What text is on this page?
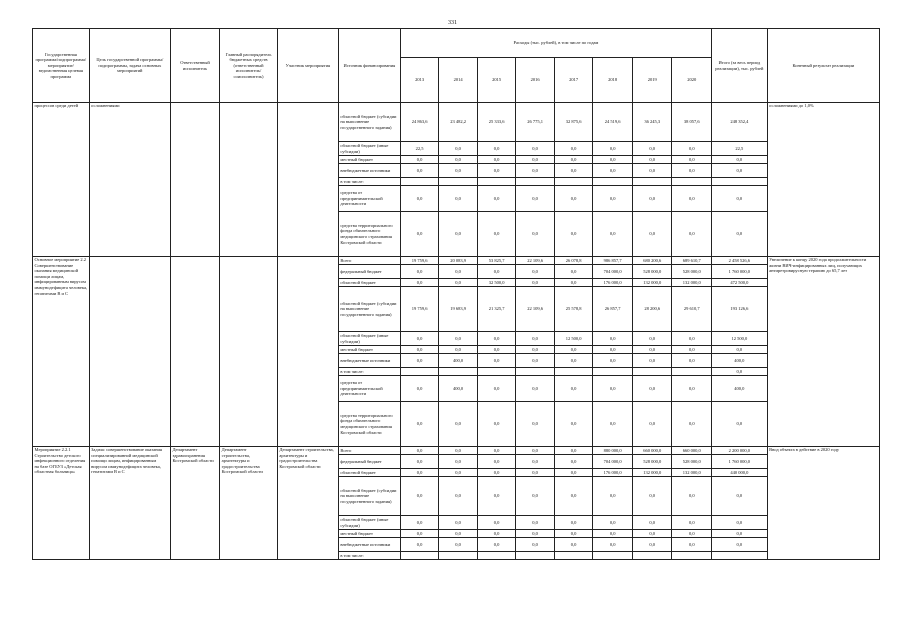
331
Государственная программа/подпрограмма/мероприятие/ведомственная целевая программа	Цель государственной программы/подпрограммы, задача основных мероприятий	Ответственный исполнитель	Главный распорядитель бюджетных средств (ответственный исполнитель/соисполнитель)	Участник мероприятия	Источник финансирования	Расходы (тыс. рублей), в том числе по годам								Итого (за весь период реализации), тыс. рублей	Конечный результат реализации
						2013	2014	2015	2016	2017	2018	2019	2020		
процессов среди детей	осложнениями				областной бюджет (субсидии на выполнение государственного задания)	24 863,6	23 482,2	25 333,6	26 775,1	32 875,6	24 519,6	36 245,3	38 057,6	248 352,4	осложнениями до 1,0%
					областной бюджет (иные субсидии)	22,5	0,0	0,0	0,0	0,0	0,0	0,0	0,0	22,5	
					местный бюджет	0,0	0,0	0,0	0,0	0,0	0,0	0,0	0,0	0,0	
					внебюджетные источники	0,0	0,0	0,0	0,0	0,0	0,0	0,0	0,0	0,0	
					в том числе:										
					средства от предпринимательской деятельности	0,0	0,0	0,0	0,0	0,0	0,0	0,0	0,0	0,0	
					средства территориального фонда обязательного медицинского страхования Костромской области	0,0	0,0	0,0	0,0	0,0	0,0	0,0	0,0	0,0	
Основное мероприятие 2.2 Совершенствование оказания медицинской помощи лицам, инфицированным вирусом иммунодефицита человека, гепатитами В и С					Всего	19 759,6	20 083,9	53 825,7	22 109,6	26 078,8	986 857,7	680 200,6	689 610,7	2 458 526,6	Увеличение к концу 2020 года продолжительности жизни ВИЧ-инфицированных лиц, получающих антиретровирусную терапию до 65,7 лет
					федеральный бюджет	0,0	0,0	0,0	0,0	0,0	704 000,0	528 000,0	528 000,0	1 760 000,0	
					областной бюджет	0,0	0,0	32 500,0	0,0	0,0	176 000,0	132 000,0	132 000,0	472 500,0	
					областной бюджет (субсидии на выполнение государственного задания)	19 759,6	19 683,9	21 325,7	22 109,6	25 578,8	26 857,7	28 200,6	29 610,7	193 126,6	
					областной бюджет (иные субсидии)	0,0	0,0	0,0	0,0	12 500,0	0,0	0,0	0,0	12 500,0	
					местный бюджет	0,0	0,0	0,0	0,0	0,0	0,0	0,0	0,0	0,0	
					внебюджетные источники	0,0	400,0	0,0	0,0	0,0	0,0	0,0	0,0	400,0	
					в том числе:									0,0	
					средства от предпринимательской деятельности	0,0	400,0	0,0	0,0	0,0	0,0	0,0	0,0	400,0	
					средства территориального фонда обязательного медицинского страхования Костромской области	0,0	0,0	0,0	0,0	0,0	0,0	0,0	0,0	0,0	
Мероприятие 2.2.1 Строительство детского инфекционного отделения на базе ОГБУЗ «Детская областная больница»	Задача: совершенствование оказания специализированной медицинской помощи лицам, инфицированным вирусом иммунодефицита человека, гепатитами В и С	Департамент здравоохранения Костромской области	Департамент строительства, архитектуры и градостроительства Костромской области	Департамент строительства, архитектуры и градостроительства Костромской области	Всего	0,0	0,0	0,0	0,0	0,0	880 000,0	660 000,0	660 000,0	2 200 000,0	Ввод объекта в действие в 2020 году
					федеральный бюджет	0,0	0,0	0,0	0,0	0,0	704 000,0	528 000,0	528 000,0	1 760 000,0	
					областной бюджет	0,0	0,0	0,0	0,0	0,0	176 000,0	132 000,0	132 000,0	440 000,0	
					областной бюджет (субсидии на выполнение государственного задания)	0,0	0,0	0,0	0,0	0,0	0,0	0,0	0,0	0,0	
					областной бюджет (иные субсидии)	0,0	0,0	0,0	0,0	0,0	0,0	0,0	0,0	0,0	
					местный бюджет	0,0	0,0	0,0	0,0	0,0	0,0	0,0	0,0	0,0	
					внебюджетные источники	0,0	0,0	0,0	0,0	0,0	0,0	0,0	0,0	0,0	
					в том числе:										
